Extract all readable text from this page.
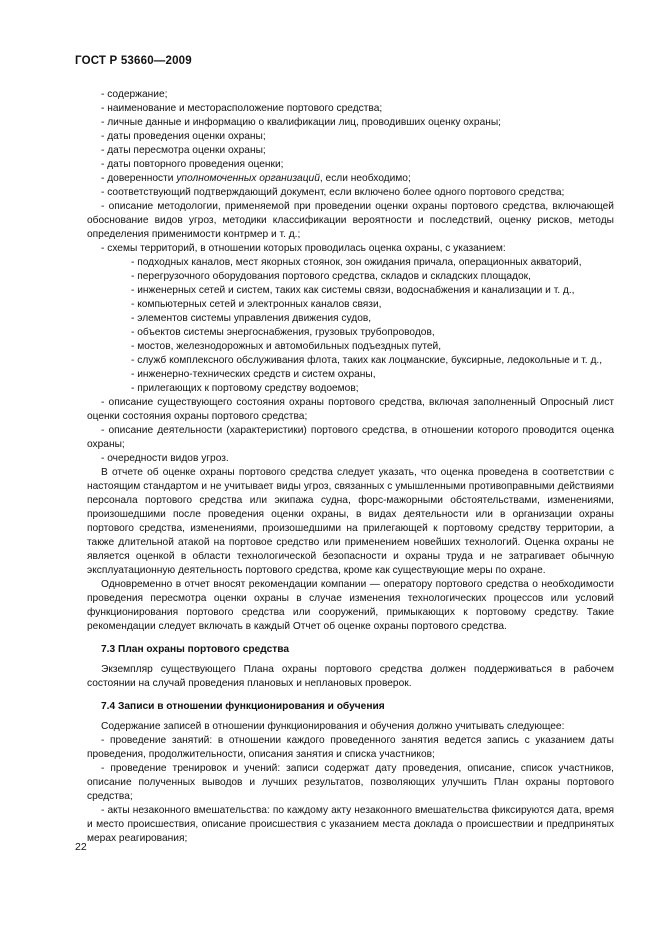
ГОСТ Р 53660—2009

- содержание;

- наименование и месторасположение портового средства;

- личные данные и информацию о квалификации лиц, проводивших оценку охраны;

- даты проведения оценки охраны;

- даты пересмотра оценки охраны;

- даты повторного проведения оценки;

- доверенности уполномоченных организаций, если необходимо;

- соответствующий подтверждающий документ, если включено более одного портового средства;

- описание методологии, применяемой при проведении оценки охраны портового средства, включающей обоснование видов угроз, методики классификации вероятности и последствий, оценку рисков, методы определения применимости контрмер и т. д.;

- схемы территорий, в отношении которых проводилась оценка охраны, с указанием:

- подходных каналов, мест якорных стоянок, зон ожидания причала, операционных акваторий,

- перегрузочного оборудования портового средства, складов и складских площадок,

- инженерных сетей и систем, таких как системы связи, водоснабжения и канализации и т. д.,

- компьютерных сетей и электронных каналов связи,

- элементов системы управления движения судов,

- объектов системы энергоснабжения, грузовых трубопроводов,

- мостов, железнодорожных и автомобильных подъездных путей,

- служб комплексного обслуживания флота, таких как лоцманские, буксирные, ледокольные и т. д.,

- инженерно-технических средств и систем охраны,

- прилегающих к портовому средству водоемов;

- описание существующего состояния охраны портового средства, включая заполненный Опросный лист оценки состояния охраны портового средства;

- описание деятельности (характеристики) портового средства, в отношении которого проводится оценка охраны;

- очередности видов угроз.

В отчете об оценке охраны портового средства следует указать, что оценка проведена в соответствии с настоящим стандартом и не учитывает виды угроз, связанных с умышленными противоправными действиями персонала портового средства или экипажа судна, форс-мажорными обстоятельствами, изменениями, произошедшими после проведения оценки охраны, в видах деятельности или в организации охраны портового средства, изменениями, произошедшими на прилегающей к портовому средству территории, а также длительной атакой на портовое средство или применением новейших технологий. Оценка охраны не является оценкой в области технологической безопасности и охраны труда и не затрагивает обычную эксплуатационную деятельность портового средства, кроме как существующие меры по охране.

Одновременно в отчет вносят рекомендации компании — оператору портового средства о необходимости проведения пересмотра оценки охраны в случае изменения технологических процессов или условий функционирования портового средства или сооружений, примыкающих к портовому средству. Такие рекомендации следует включать в каждый Отчет об оценке охраны портового средства.

7.3 План охраны портового средства

Экземпляр существующего Плана охраны портового средства должен поддерживаться в рабочем состоянии на случай проведения плановых и неплановых проверок.

7.4 Записи в отношении функционирования и обучения

Содержание записей в отношении функционирования и обучения должно учитывать следующее:

- проведение занятий: в отношении каждого проведенного занятия ведется запись с указанием даты проведения, продолжительности, описания занятия и списка участников;

- проведение тренировок и учений: записи содержат дату проведения, описание, список участников, описание полученных выводов и лучших результатов, позволяющих улучшить План охраны портового средства;

- акты незаконного вмешательства: по каждому акту незаконного вмешательства фиксируются дата, время и место происшествия, описание происшествия с указанием места доклада о происшествии и предпринятых мерах реагирования;

22
